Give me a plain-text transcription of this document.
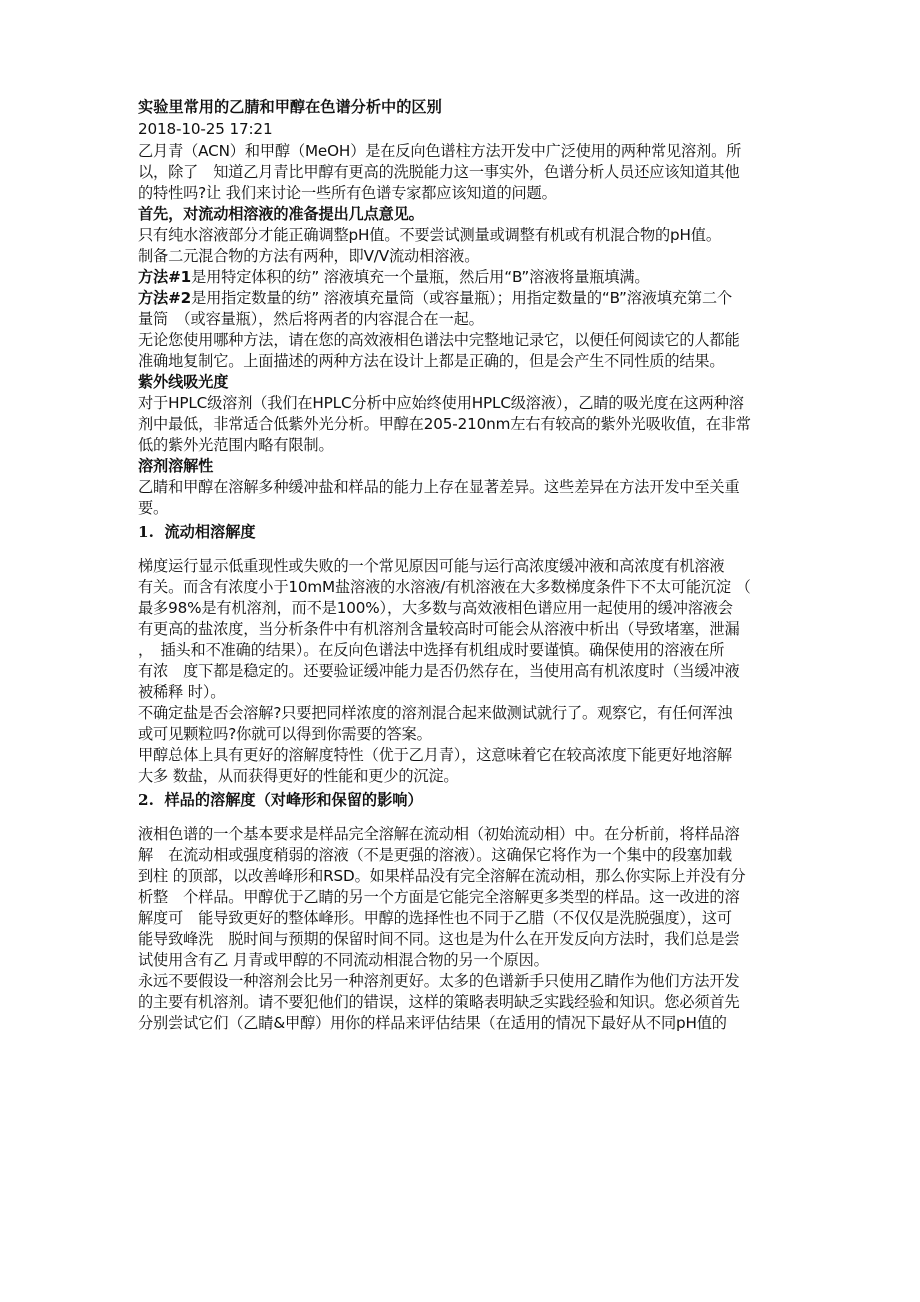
实验里常用的乙腈和甲醇在色谱分析中的区别
2018-10-25 17:21
乙月青（ACN）和甲醇（MeOH）是在反向色谱柱方法开发中广泛使用的两种常见溶剂。所
以，除了　知道乙月青比甲醇有更高的洗脱能力这一事实外，色谱分析人员还应该知道其他
的特性吗?让 我们来讨论一些所有色谱专家都应该知道的问题。
首先，对流动相溶液的准备提出几点意见。
只有纯水溶液部分才能正确调整pH值。不要尝试测量或调整有机或有机混合物的pH值。
制备二元混合物的方法有两种，即V/V流动相溶液。
方法#1是用特定体积的纺” 溶液填充一个量瓶，然后用“B”溶液将量瓶填满。
方法#2是用指定数量的纺” 溶液填充量筒（或容量瓶）；用指定数量的“B”溶液填充第二个
量筒　（或容量瓶），然后将两者的内容混合在一起。
无论您使用哪种方法，请在您的高效液相色谱法中完整地记录它，以便任何阅读它的人都能
准确地复制它。上面描述的两种方法在设计上都是正确的，但是会产生不同性质的结果。
紫外线吸光度
对于HPLC级溶剂（我们在HPLC分析中应始终使用HPLC级溶液），乙睛的吸光度在这两种溶
剂中最低，非常适合低紫外光分析。甲醇在205-210nm左右有较高的紫外光吸收值，在非常
低的紫外光范围内略有限制。
溶剂溶解性
乙睛和甲醇在溶解多种缓冲盐和样品的能力上存在显著差异。这些差异在方法开发中至关重
要。
1. 流动相溶解度
梯度运行显示低重现性或失败的一个常见原因可能与运行高浓度缓冲液和高浓度有机溶液
有关。而含有浓度小于10mM盐溶液的水溶液/有机溶液在大多数梯度条件下不太可能沉淀 （
最多98%是有机溶剂，而不是100%），大多数与高效液相色谱应用一起使用的缓冲溶液会
有更高的盐浓度，当分析条件中有机溶剂含量较高时可能会从溶液中析出（导致堵塞，泄漏
，　插头和不准确的结果）。在反向色谱法中选择有机组成时要谨慎。确保使用的溶液在所
有浓　度下都是稳定的。还要验证缓冲能力是否仍然存在，当使用高有机浓度时（当缓冲液
被稀释 时）。
不确定盐是否会溶解?只要把同样浓度的溶剂混合起来做测试就行了。观察它，有任何浑浊
或可见颗粒吗?你就可以得到你需要的答案。
甲醇总体上具有更好的溶解度特性（优于乙月青），这意味着它在较高浓度下能更好地溶解
大多 数盐，从而获得更好的性能和更少的沉淀。
2. 样品的溶解度（对峰形和保留的影响）
液相色谱的一个基本要求是样品完全溶解在流动相（初始流动相）中。在分析前，将样品溶
解　在流动相或强度稍弱的溶液（不是更强的溶液）。这确保它将作为一个集中的段塞加载
到柱 的顶部，以改善峰形和RSD。如果样品没有完全溶解在流动相，那么你实际上并没有分
析整　个样品。甲醇优于乙睛的另一个方面是它能完全溶解更多类型的样品。这一改进的溶
解度可　能导致更好的整体峰形。甲醇的选择性也不同于乙腊（不仅仅是洗脱强度），这可
能导致峰洗　脱时间与预期的保留时间不同。这也是为什么在开发反向方法时，我们总是尝
试使用含有乙 月青或甲醇的不同流动相混合物的另一个原因。
永远不要假设一种溶剂会比另一种溶剂更好。太多的色谱新手只使用乙睛作为他们方法开发
的主要有机溶剂。请不要犯他们的错误，这样的策略表明缺乏实践经验和知识。您必须首先
分别尝试它们（乙睛&甲醇）用你的样品来评估结果（在适用的情况下最好从不同pH值的
